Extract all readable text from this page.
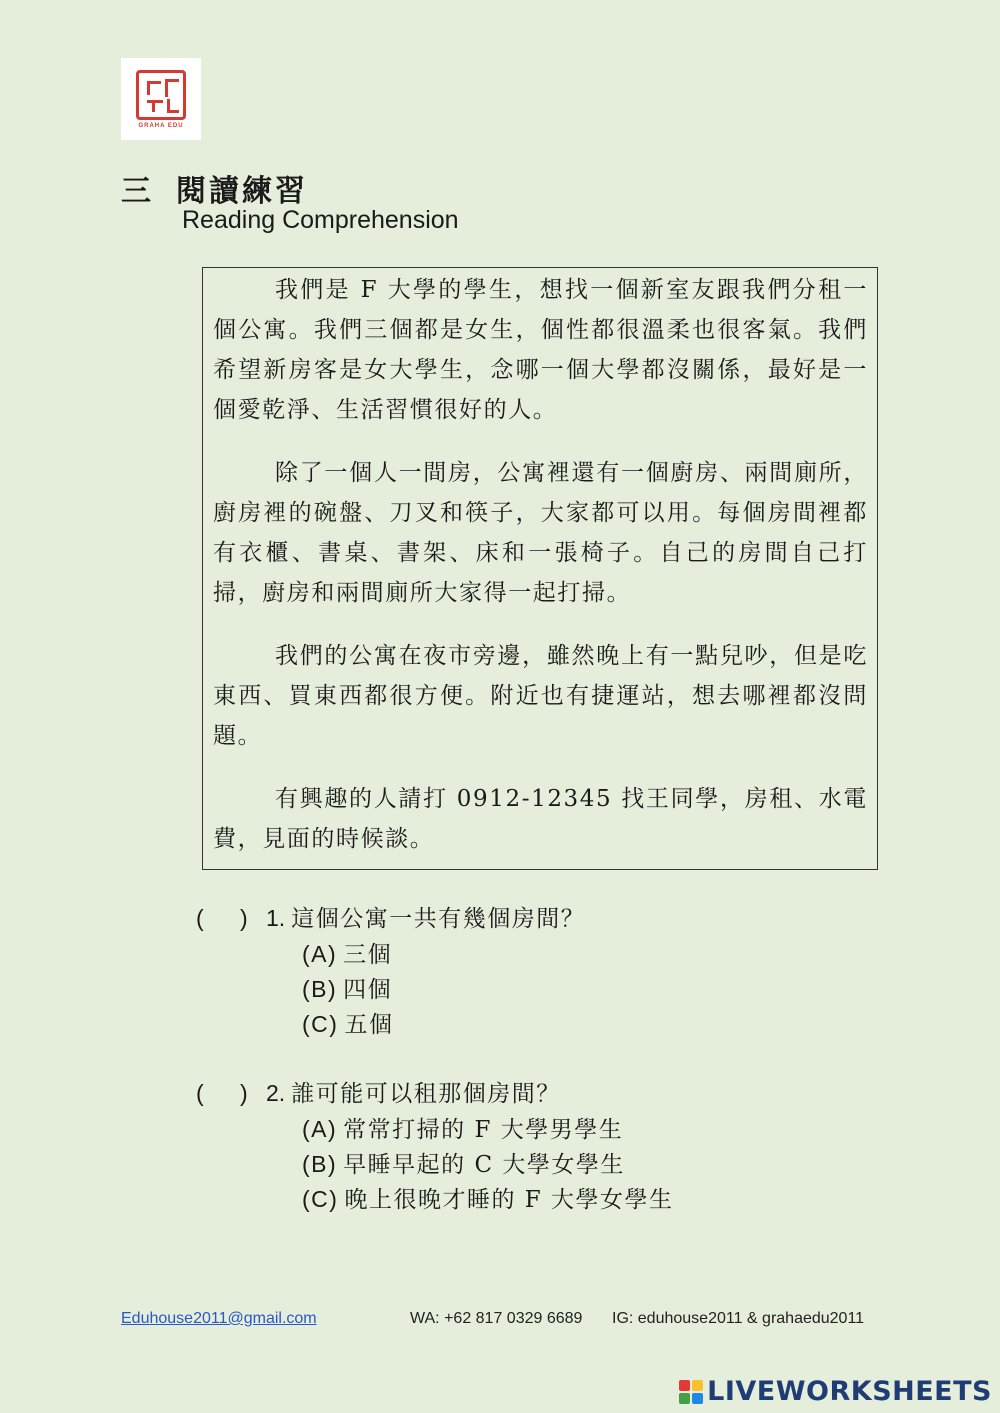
GRAHA EDU
三 閱讀練習
Reading Comprehension

我們是 F 大學的學生，想找一個新室友跟我們分租一個公寓。我們三個都是女生，個性都很溫柔也很客氣。我們希望新房客是女大學生，念哪一個大學都沒關係，最好是一個愛乾淨、生活習慣很好的人。

除了一個人一間房，公寓裡還有一個廚房、兩間廁所，廚房裡的碗盤、刀叉和筷子，大家都可以用。每個房間裡都有衣櫃、書桌、書架、床和一張椅子。自己的房間自己打掃，廚房和兩間廁所大家得一起打掃。

我們的公寓在夜市旁邊，雖然晚上有一點兒吵，但是吃東西、買東西都很方便。附近也有捷運站，想去哪裡都沒問題。

有興趣的人請打 0912-12345 找王同學，房租、水電費，見面的時候談。

( ) 1. 這個公寓一共有幾個房間？
(A) 三個
(B) 四個
(C) 五個
( ) 2. 誰可能可以租那個房間？
(A) 常常打掃的 F 大學男學生
(B) 早睡早起的 C 大學女學生
(C) 晚上很晚才睡的 F 大學女學生
Eduhouse2011@gmail.com	WA: +62 817 0329 6689 IG: eduhouse2011 & grahaedu2011
LIVEWORKSHEETS
